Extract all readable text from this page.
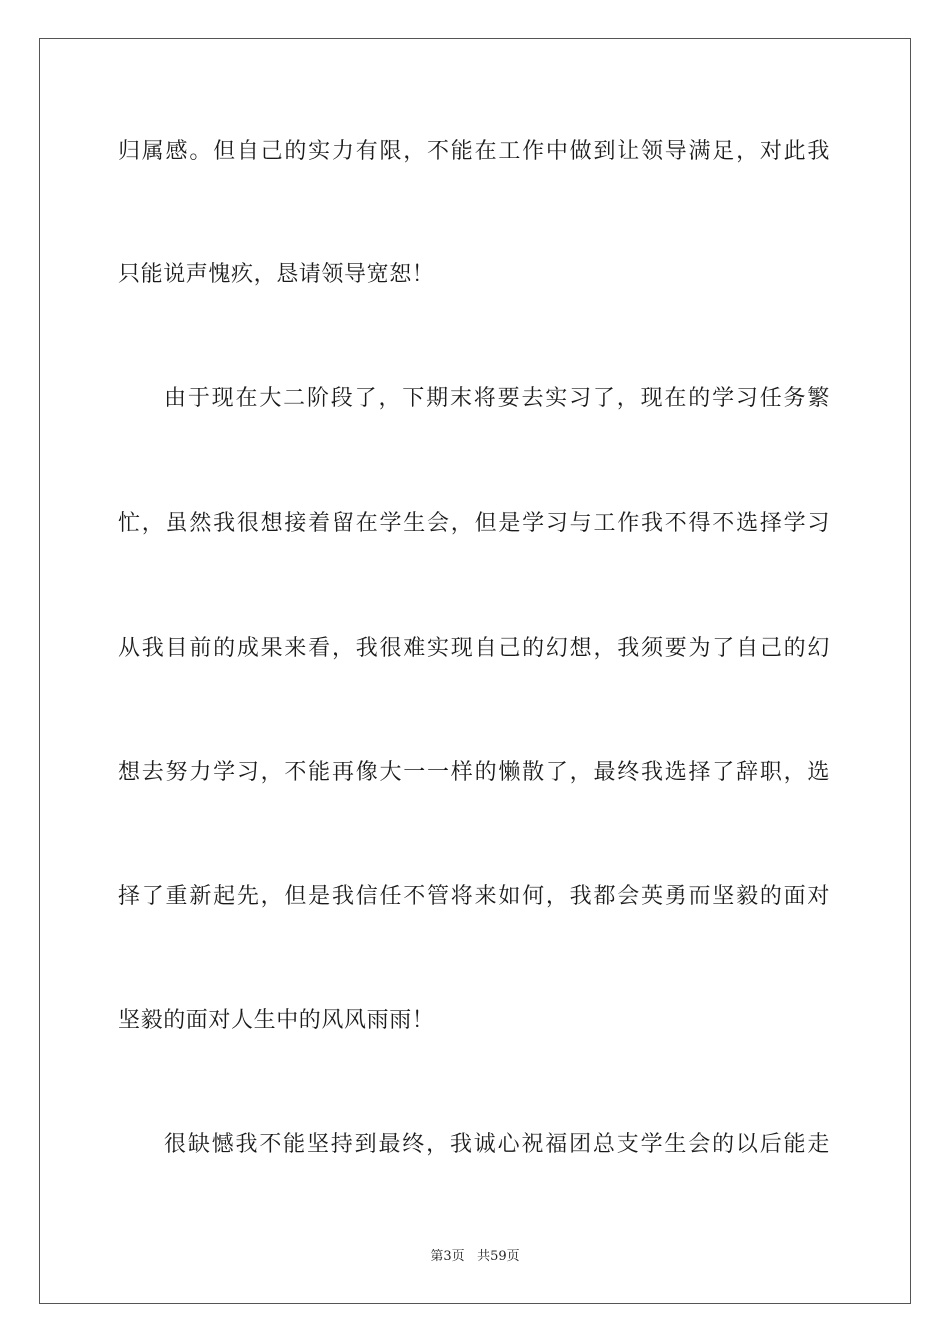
归属感。但自己的实力有限，不能在工作中做到让领导满足，对此我
只能说声愧疚，恳请领导宽恕！
由于现在大二阶段了，下期末将要去实习了，现在的学习任务繁
忙，虽然我很想接着留在学生会，但是学习与工作我不得不选择学习
从我目前的成果来看，我很难实现自己的幻想，我须要为了自己的幻
想去努力学习，不能再像大一一样的懒散了，最终我选择了辞职，选
择了重新起先，但是我信任不管将来如何，我都会英勇而坚毅的面对
坚毅的面对人生中的风风雨雨！
很缺憾我不能坚持到最终，我诚心祝福团总支学生会的以后能走
第3页 共59页
